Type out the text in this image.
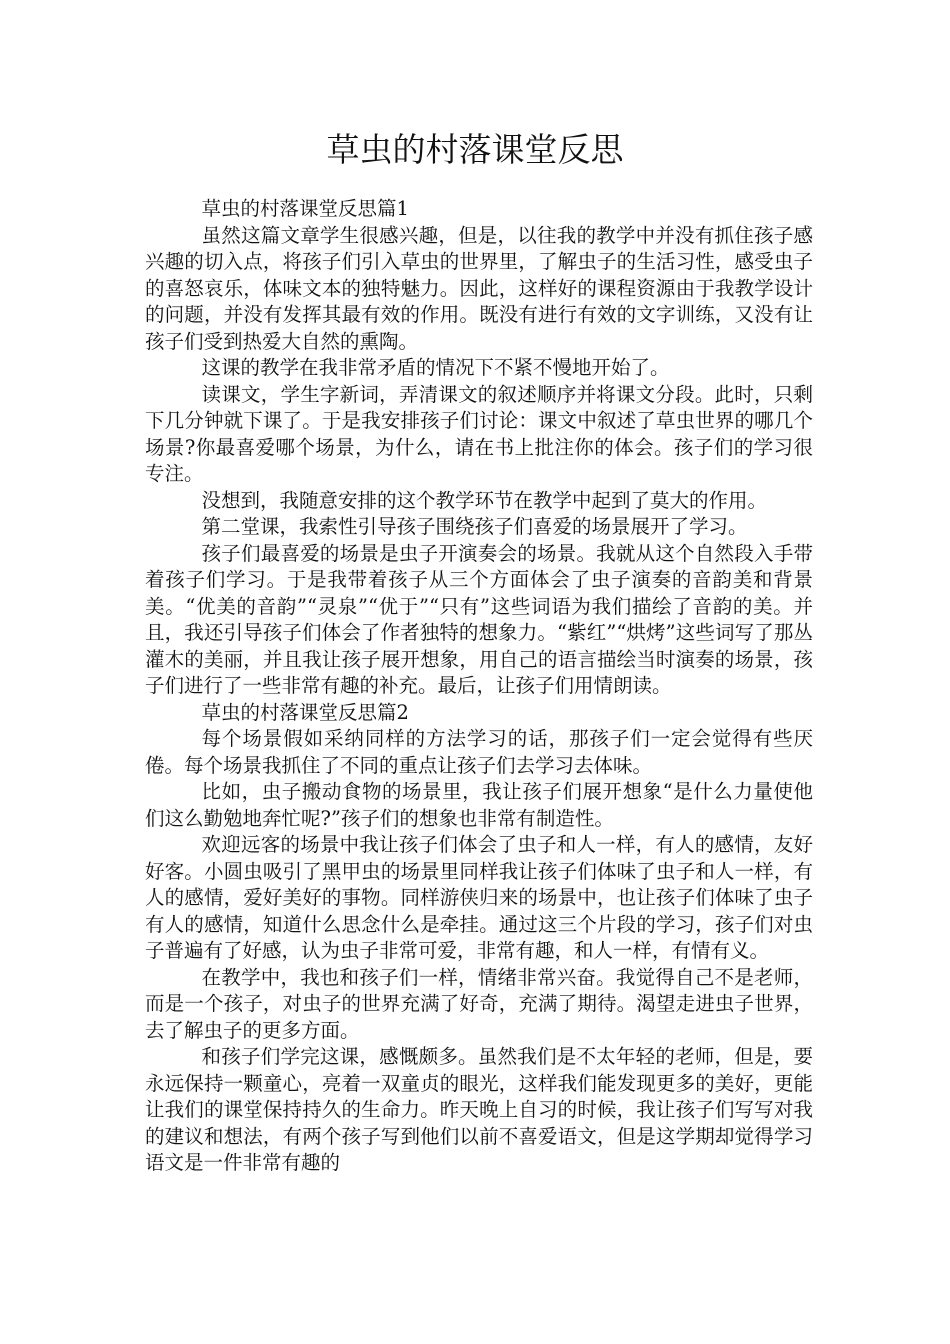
草虫的村落课堂反思

草虫的村落课堂反思篇1

虽然这篇文章学生很感兴趣，但是，以往我的教学中并没有抓住孩子感兴趣的切入点，将孩子们引入草虫的世界里，了解虫子的生活习性，感受虫子的喜怒哀乐，体味文本的独特魅力。因此，这样好的课程资源由于我教学设计的问题，并没有发挥其最有效的作用。既没有进行有效的文字训练，又没有让孩子们受到热爱大自然的熏陶。

这课的教学在我非常矛盾的情况下不紧不慢地开始了。

读课文，学生字新词，弄清课文的叙述顺序并将课文分段。此时，只剩下几分钟就下课了。于是我安排孩子们讨论：课文中叙述了草虫世界的哪几个场景?你最喜爱哪个场景，为什么，请在书上批注你的体会。孩子们的学习很专注。

没想到，我随意安排的这个教学环节在教学中起到了莫大的作用。

第二堂课，我索性引导孩子围绕孩子们喜爱的场景展开了学习。

孩子们最喜爱的场景是虫子开演奏会的场景。我就从这个自然段入手带着孩子们学习。于是我带着孩子从三个方面体会了虫子演奏的音韵美和背景美。“优美的音韵”“灵泉”“优于”“只有”这些词语为我们描绘了音韵的美。并且，我还引导孩子们体会了作者独特的想象力。“紫红”“烘烤”这些词写了那丛灌木的美丽，并且我让孩子展开想象，用自己的语言描绘当时演奏的场景，孩子们进行了一些非常有趣的补充。最后，让孩子们用情朗读。

草虫的村落课堂反思篇2

每个场景假如采纳同样的方法学习的话，那孩子们一定会觉得有些厌倦。每个场景我抓住了不同的重点让孩子们去学习去体味。

比如，虫子搬动食物的场景里，我让孩子们展开想象“是什么力量使他们这么勤勉地奔忙呢?”孩子们的想象也非常有制造性。

欢迎远客的场景中我让孩子们体会了虫子和人一样，有人的感情，友好好客。小圆虫吸引了黑甲虫的场景里同样我让孩子们体味了虫子和人一样，有人的感情，爱好美好的事物。同样游侠归来的场景中，也让孩子们体味了虫子有人的感情，知道什么思念什么是牵挂。通过这三个片段的学习，孩子们对虫子普遍有了好感，认为虫子非常可爱，非常有趣，和人一样，有情有义。

在教学中，我也和孩子们一样，情绪非常兴奋。我觉得自己不是老师，而是一个孩子，对虫子的世界充满了好奇，充满了期待。渴望走进虫子世界，去了解虫子的更多方面。

和孩子们学完这课，感慨颇多。虽然我们是不太年轻的老师，但是，要永远保持一颗童心，亮着一双童贞的眼光，这样我们能发现更多的美好，更能让我们的课堂保持持久的生命力。昨天晚上自习的时候，我让孩子们写写对我的建议和想法，有两个孩子写到他们以前不喜爱语文，但是这学期却觉得学习语文是一件非常有趣的
